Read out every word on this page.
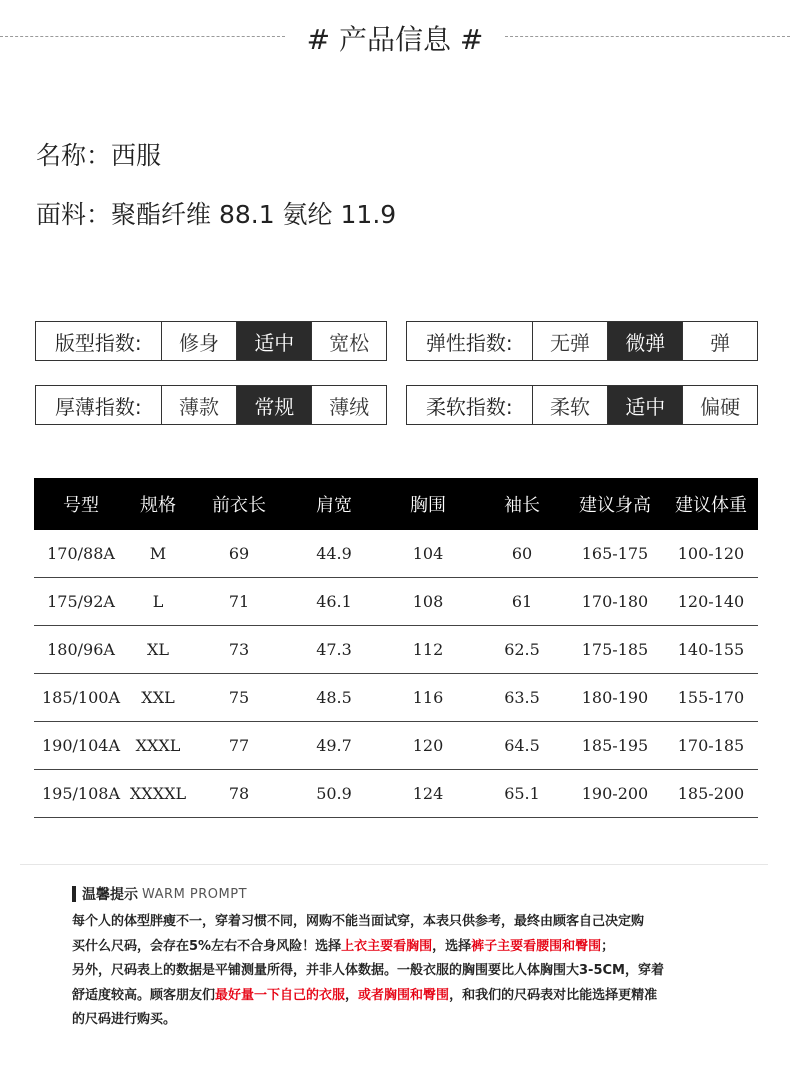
# 产品信息 #
名称：西服
面料：聚酯纤维 88.1 氨纶 11.9
版型指数:	修身	适中	宽松	弹性指数:	无弹	微弹	弹
厚薄指数:	薄款	常规	薄绒	柔软指数:	柔软	适中	偏硬
号型	规格	前衣长	肩宽	胸围	袖长	建议身高	建议体重
170/88A	M	69	44.9	104	60	165-175	100-120
175/92A	L	71	46.1	108	61	170-180	120-140
180/96A	XL	73	47.3	112	62.5	175-185	140-155
185/100A	XXL	75	48.5	116	63.5	180-190	155-170
190/104A XXXL	77	49.7	120	64.5	185-195	170-185
195/108A XXXXL	78	50.9	124	65.1	190-200	185-200
温馨提示 WARM PROMPT
每个人的体型胖瘦不一，穿着习惯不同，网购不能当面试穿，本表只供参考，最终由顾客自己决定购
买什么尺码，会存在5%左右不合身风险！选择上衣主要看胸围，选择裤子主要看腰围和臀围；
另外，尺码表上的数据是平铺测量所得，并非人体数据。一般衣服的胸围要比人体胸围大3-5CM，穿着
舒适度较高。顾客朋友们最好量一下自己的衣服，或者胸围和臀围，和我们的尺码表对比能选择更精准
的尺码进行购买。
